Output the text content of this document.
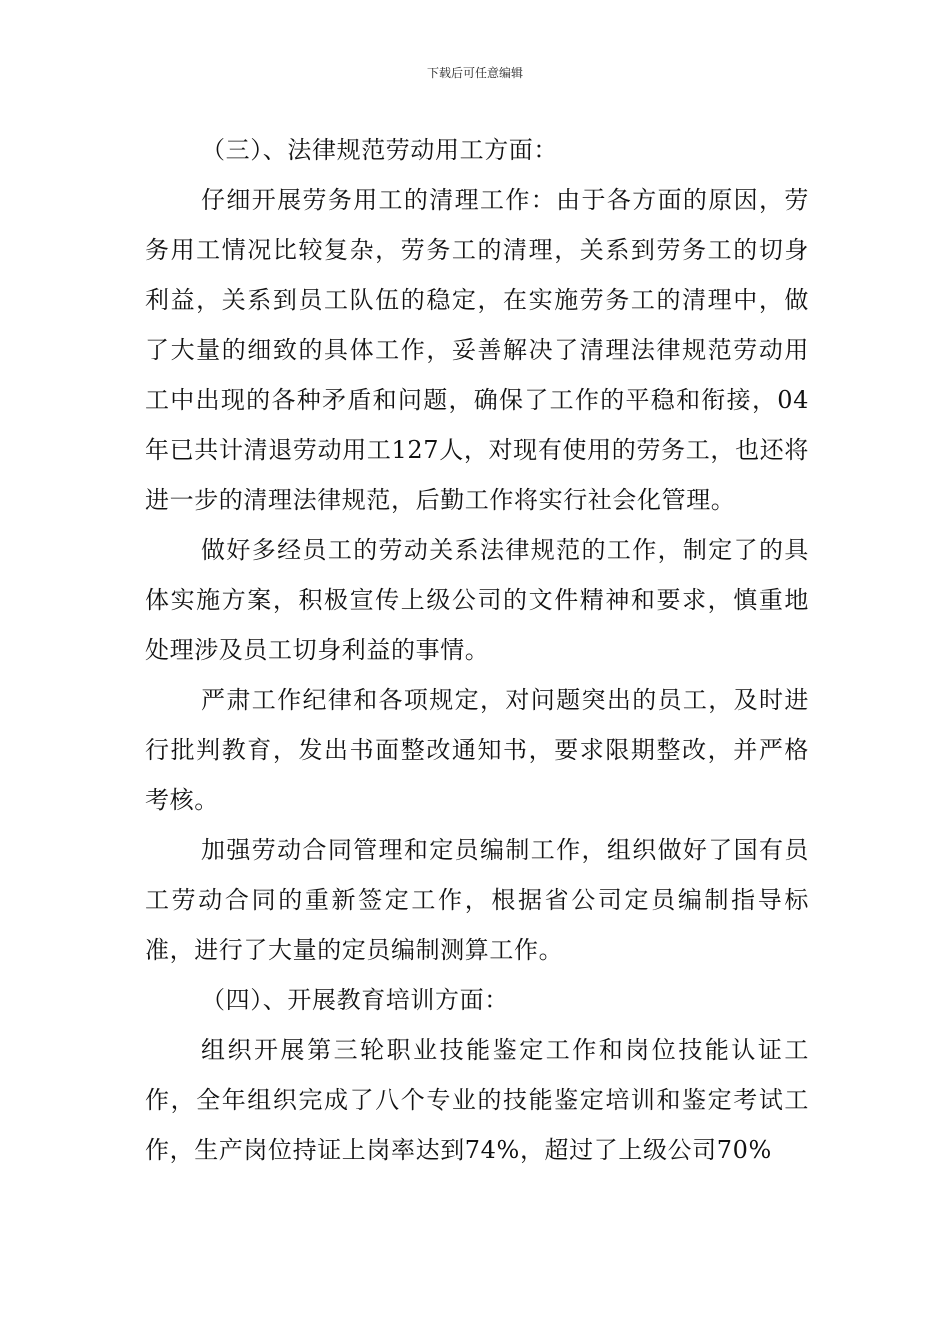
下载后可任意编辑

（三）、法律规范劳动用工方面：

仔细开展劳务用工的清理工作：由于各方面的原因，劳务用工情况比较复杂，劳务工的清理，关系到劳务工的切身利益，关系到员工队伍的稳定，在实施劳务工的清理中，做了大量的细致的具体工作，妥善解决了清理法律规范劳动用工中出现的各种矛盾和问题，确保了工作的平稳和衔接，04年已共计清退劳动用工127人，对现有使用的劳务工，也还将进一步的清理法律规范，后勤工作将实行社会化管理。

做好多经员工的劳动关系法律规范的工作，制定了的具体实施方案，积极宣传上级公司的文件精神和要求，慎重地处理涉及员工切身利益的事情。

严肃工作纪律和各项规定，对问题突出的员工，及时进行批判教育，发出书面整改通知书，要求限期整改，并严格考核。

加强劳动合同管理和定员编制工作，组织做好了国有员工劳动合同的重新签定工作，根据省公司定员编制指导标准，进行了大量的定员编制测算工作。

（四）、开展教育培训方面：

组织开展第三轮职业技能鉴定工作和岗位技能认证工作，全年组织完成了八个专业的技能鉴定培训和鉴定考试工作，生产岗位持证上岗率达到74%，超过了上级公司70%
